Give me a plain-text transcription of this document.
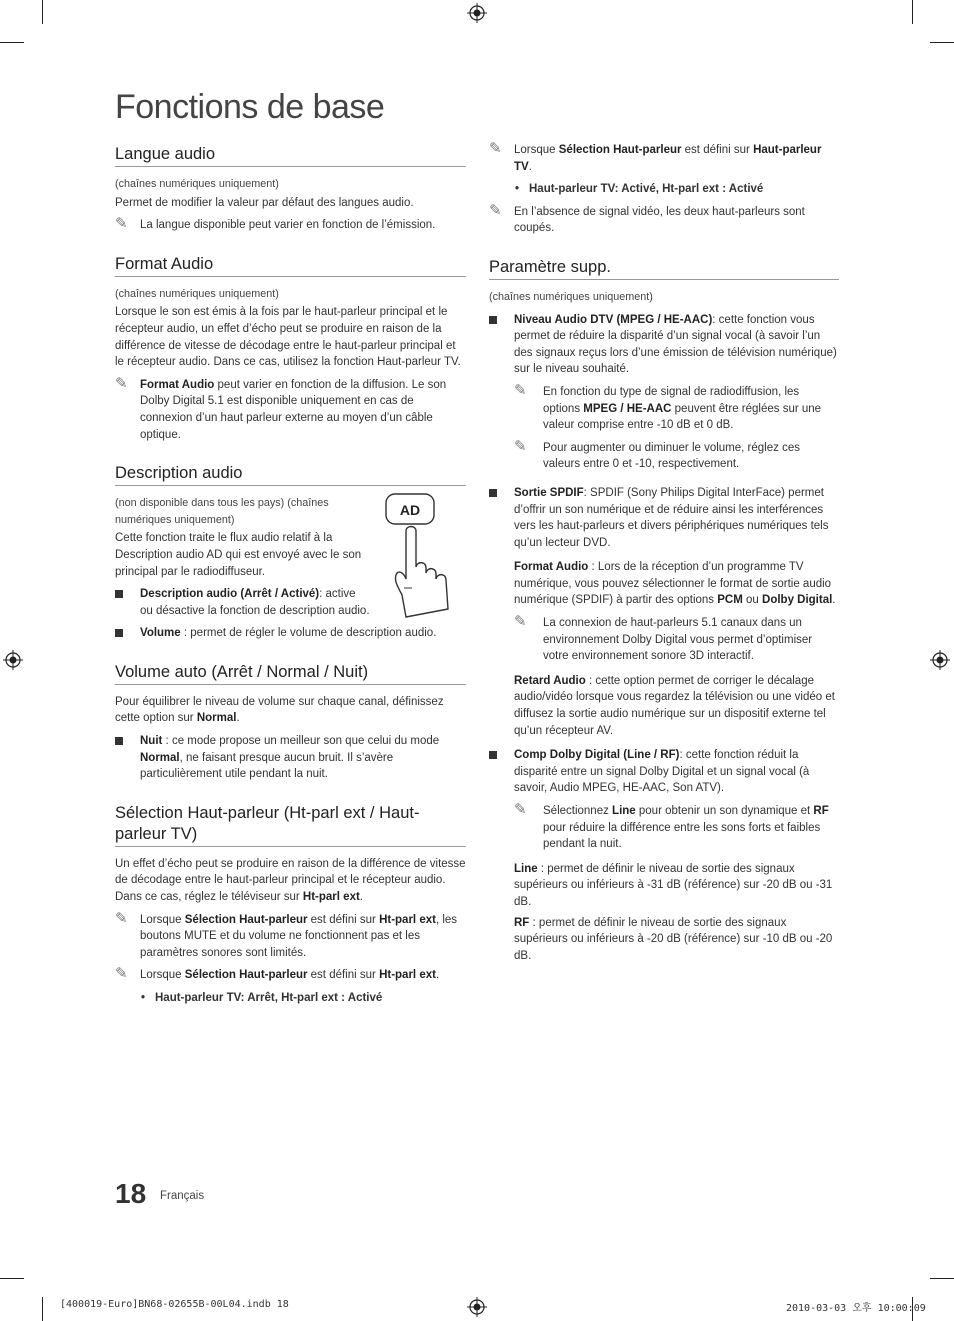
Fonctions de base
Langue audio

(chaînes numériques uniquement)

Permet de modifier la valeur par défaut des langues audio.

✎ La langue disponible peut varier en fonction de l’émission.
Format Audio

(chaînes numériques uniquement)

Lorsque le son est émis à la fois par le haut-parleur principal et le récepteur audio, un effet d’écho peut se produire en raison de la différence de vitesse de décodage entre le haut-parleur principal et le récepteur audio. Dans ce cas, utilisez la fonction Haut-parleur TV.

✎ Format Audio peut varier en fonction de la diffusion. Le son Dolby Digital 5.1 est disponible uniquement en cas de connexion d’un haut parleur externe au moyen d’un câble optique.
Description audio

(non disponible dans tous les pays) (chaînes numériques uniquement)

Cette fonction traite le flux audio relatif à la Description audio AD qui est envoyé avec le son principal par le radiodiffuseur.

Description audio (Arrêt / Activé): active ou désactive la fonction de description audio.
AD
Volume : permet de régler le volume de description audio.
Volume auto (Arrêt / Normal / Nuit)

Pour équilibrer le niveau de volume sur chaque canal, définissez cette option sur Normal.

Nuit : ce mode propose un meilleur son que celui du mode Normal, ne faisant presque aucun bruit. Il s’avère particulièrement utile pendant la nuit.
Sélection Haut-parleur (Ht-parl ext / Haut-parleur TV)

Un effet d’écho peut se produire en raison de la différence de vitesse de décodage entre le haut-parleur principal et le récepteur audio. Dans ce cas, réglez le téléviseur sur Ht-parl ext.

✎ Lorsque Sélection Haut-parleur est défini sur Ht-parl ext, les boutons MUTE et du volume ne fonctionnent pas et les paramètres sonores sont limités.
✎ Lorsque Sélection Haut-parleur est défini sur Ht-parl ext.
• Haut-parleur TV: Arrêt, Ht-parl ext : Activé
✎ Lorsque Sélection Haut-parleur est défini sur Haut-parleur TV.
• Haut-parleur TV: Activé, Ht-parl ext : Activé
✎ En l’absence de signal vidéo, les deux haut-parleurs sont coupés.
Paramètre supp.

(chaînes numériques uniquement)

Niveau Audio DTV (MPEG / HE-AAC): cette fonction vous permet de réduire la disparité d’un signal vocal (à savoir l’un des signaux reçus lors d’une émission de télévision numérique) sur le niveau souhaité.
✎ En fonction du type de signal de radiodiffusion, les options MPEG / HE-AAC peuvent être réglées sur une valeur comprise entre -10 dB et 0 dB.
✎ Pour augmenter ou diminuer le volume, réglez ces valeurs entre 0 et -10, respectivement.
Sortie SPDIF: SPDIF (Sony Philips Digital InterFace) permet d’offrir un son numérique et de réduire ainsi les interférences vers les haut-parleurs et divers périphériques numériques tels qu’un lecteur DVD.
Format Audio : Lors de la réception d’un programme TV numérique, vous pouvez sélectionner le format de sortie audio numérique (SPDIF) à partir des options PCM ou Dolby Digital.
✎ La connexion de haut-parleurs 5.1 canaux dans un environnement Dolby Digital vous permet d’optimiser votre environnement sonore 3D interactif.
Retard Audio : cette option permet de corriger le décalage audio/vidéo lorsque vous regardez la télévision ou une vidéo et diffusez la sortie audio numérique sur un dispositif externe tel qu’un récepteur AV.
Comp Dolby Digital (Line / RF): cette fonction réduit la disparité entre un signal Dolby Digital et un signal vocal (à savoir, Audio MPEG, HE-AAC, Son ATV).
✎ Sélectionnez Line pour obtenir un son dynamique et RF pour réduire la différence entre les sons forts et faibles pendant la nuit.
Line : permet de définir le niveau de sortie des signaux supérieurs ou inférieurs à -31 dB (référence) sur -20 dB ou -31 dB.
RF : permet de définir le niveau de sortie des signaux supérieurs ou inférieurs à -20 dB (référence) sur -10 dB ou -20 dB.
18 Français
[400019-Euro]BN68-02655B-00L04.indb 18	2010-03-03 오후 10:00:09
